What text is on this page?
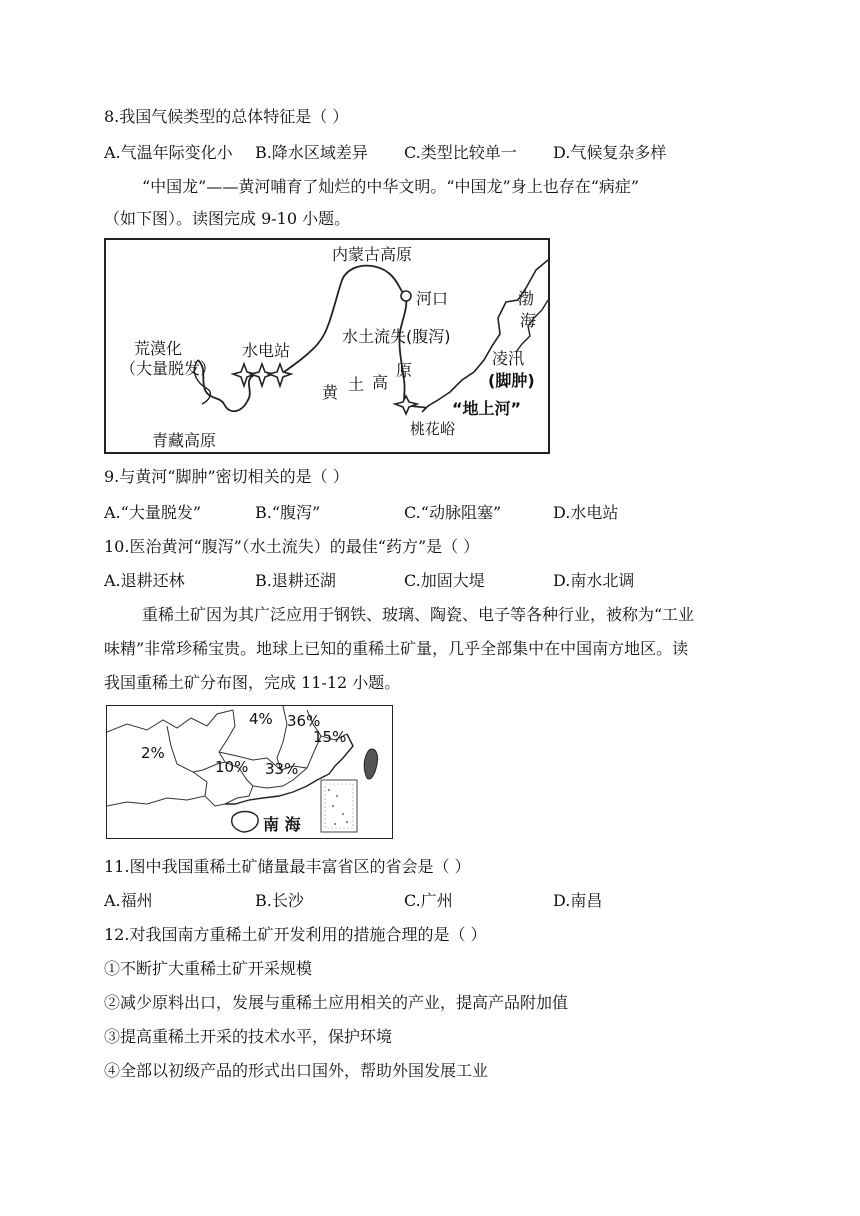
8.我国气候类型的总体特征是（ ）
A.气温年际变化小 B.降水区域差异 C.类型比较单一 D.气候复杂多样
“中国龙”——黄河哺育了灿烂的中华文明。“中国龙”身上也存在“病症”
（如下图）。读图完成 9-10 小题。
内蒙古高原
河口	渤
海
水土流失(腹泻)
凌汛
(脚肿)
荒漠化
（大量脱发）
水电站
黄 土 高
原
“地上河”
桃花峪
青藏高原
9.与黄河“脚肿”密切相关的是（ ）
A.“大量脱发”	B.“腹泻”	C.“动脉阻塞”	D.水电站
10.医治黄河“腹泻”（水土流失）的最佳“药方”是（ ）
A.退耕还林	B.退耕还湖	C.加固大堤	D.南水北调
重稀土矿因为其广泛应用于钢铁、玻璃、陶瓷、电子等各种行业，被称为“工业
味精”非常珍稀宝贵。地球上已知的重稀土矿量，几乎全部集中在中国南方地区。读
我国重稀土矿分布图，完成 11-12 小题。
4% 36%
15%
2%
10% 33%
南 海
11.图中我国重稀土矿储量最丰富省区的省会是（ ）
A.福州	B.长沙	C.广州	D.南昌
12.对我国南方重稀土矿开发利用的措施合理的是（ ）
①不断扩大重稀土矿开采规模
②减少原料出口，发展与重稀土应用相关的产业，提高产品附加值
③提高重稀土开采的技术水平，保护环境
④全部以初级产品的形式出口国外，帮助外国发展工业
